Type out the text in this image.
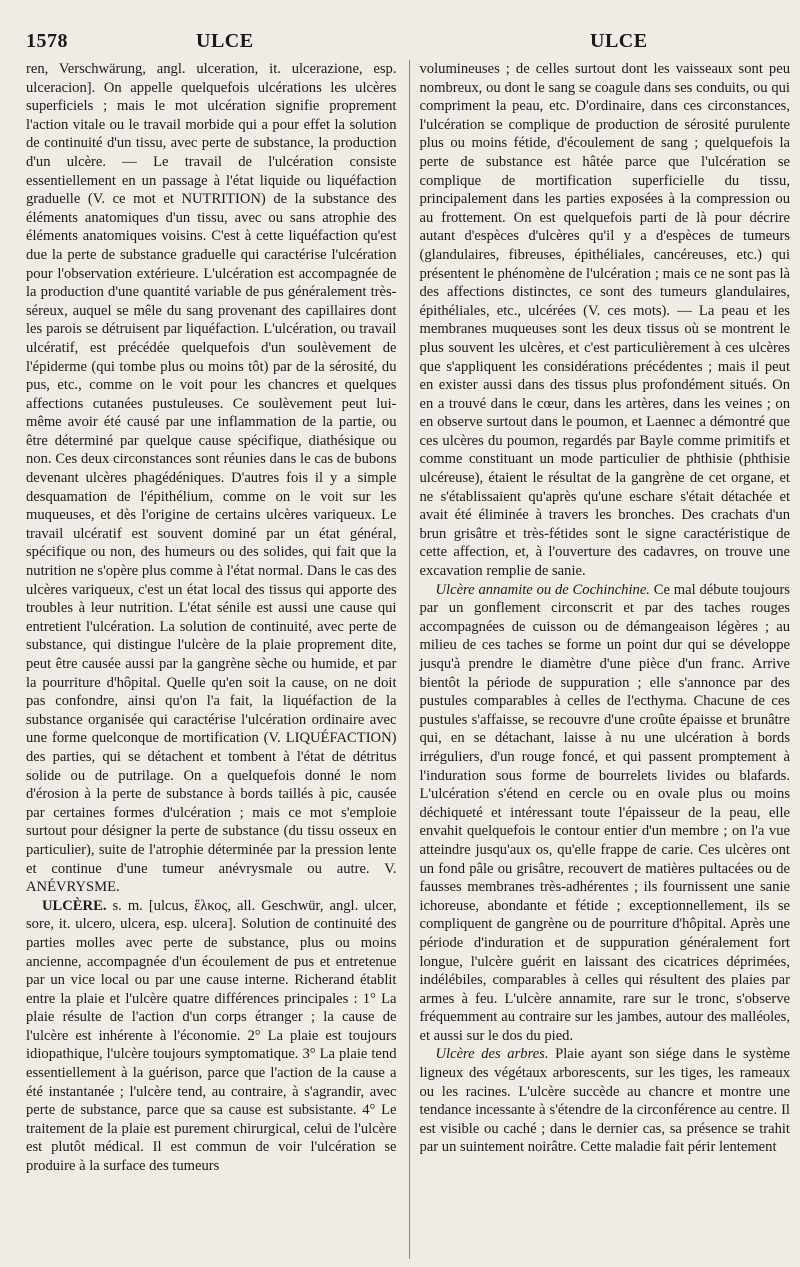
1578	ULCE	ULCE

ren, Verschwärung, angl. ulceration, it. ulcerazione, esp. ulceracion]. On appelle quelquefois ulcérations les ulcères superficiels ; mais le mot ulcération signifie proprement l'action vitale ou le travail morbide qui a pour effet la solution de continuité d'un tissu, avec perte de substance, la production d'un ulcère. — Le travail de l'ulcération consiste essentiellement en un passage à l'état liquide ou liquéfaction graduelle (V. ce mot et NUTRITION) de la substance des éléments anatomiques d'un tissu, avec ou sans atrophie des éléments anatomiques voisins. C'est à cette liquéfaction qu'est due la perte de substance graduelle qui caractérise l'ulcération pour l'observation extérieure. L'ulcération est accompagnée de la production d'une quantité variable de pus généralement très-séreux, auquel se mêle du sang provenant des capillaires dont les parois se détruisent par liquéfaction. L'ulcération, ou travail ulcératif, est précédée quelquefois d'un soulèvement de l'épiderme (qui tombe plus ou moins tôt) par de la sérosité, du pus, etc., comme on le voit pour les chancres et quelques affections cutanées pustuleuses. Ce soulèvement peut lui-même avoir été causé par une inflammation de la partie, ou être déterminé par quelque cause spécifique, diathésique ou non. Ces deux circonstances sont réunies dans le cas de bubons devenant ulcères phagédéniques. D'autres fois il y a simple desquamation de l'épithélium, comme on le voit sur les muqueuses, et dès l'origine de certains ulcères variqueux. Le travail ulcératif est souvent dominé par un état général, spécifique ou non, des humeurs ou des solides, qui fait que la nutrition ne s'opère plus comme à l'état normal. Dans le cas des ulcères variqueux, c'est un état local des tissus qui apporte des troubles à leur nutrition. L'état sénile est aussi une cause qui entretient l'ulcération. La solution de continuité, avec perte de substance, qui distingue l'ulcère de la plaie proprement dite, peut être causée aussi par la gangrène sèche ou humide, et par la pourriture d'hôpital. Quelle qu'en soit la cause, on ne doit pas confondre, ainsi qu'on l'a fait, la liquéfaction de la substance organisée qui caractérise l'ulcération ordinaire avec une forme quelconque de mortification (V. LIQUÉFACTION) des parties, qui se détachent et tombent à l'état de détritus solide ou de putrilage. On a quelquefois donné le nom d'érosion à la perte de substance à bords taillés à pic, causée par certaines formes d'ulcération ; mais ce mot s'emploie surtout pour désigner la perte de substance (du tissu osseux en particulier), suite de l'atrophie déterminée par la pression lente et continue d'une tumeur anévrysmale ou autre. V. ANÉVRYSME.

ULCÈRE. s. m. [ulcus, ἕλκος, all. Geschwür, angl. ulcer, sore, it. ulcero, ulcera, esp. ulcera]. Solution de continuité des parties molles avec perte de substance, plus ou moins ancienne, accompagnée d'un écoulement de pus et entretenue par un vice local ou par une cause interne. Richerand établit entre la plaie et l'ulcère quatre différences principales : 1° La plaie résulte de l'action d'un corps étranger ; la cause de l'ulcère est inhérente à l'économie. 2° La plaie est toujours idiopathique, l'ulcère toujours symptomatique. 3° La plaie tend essentiellement à la guérison, parce que l'action de la cause a été instantanée ; l'ulcère tend, au contraire, à s'agrandir, avec perte de substance, parce que sa cause est subsistante. 4° Le traitement de la plaie est purement chirurgical, celui de l'ulcère est plutôt médical. Il est commun de voir l'ulcération se produire à la surface des tumeurs

volumineuses ; de celles surtout dont les vaisseaux sont peu nombreux, ou dont le sang se coagule dans ses conduits, ou qui compriment la peau, etc. D'ordinaire, dans ces circonstances, l'ulcération se complique de production de sérosité purulente plus ou moins fétide, d'écoulement de sang ; quelquefois la perte de substance est hâtée parce que l'ulcération se complique de mortification superficielle du tissu, principalement dans les parties exposées à la compression ou au frottement. On est quelquefois parti de là pour décrire autant d'espèces d'ulcères qu'il y a d'espèces de tumeurs (glandulaires, fibreuses, épithéliales, cancéreuses, etc.) qui présentent le phénomène de l'ulcération ; mais ce ne sont pas là des affections distinctes, ce sont des tumeurs glandulaires, épithéliales, etc., ulcérées (V. ces mots). — La peau et les membranes muqueuses sont les deux tissus où se montrent le plus souvent les ulcères, et c'est particulièrement à ces ulcères que s'appliquent les considérations précédentes ; mais il peut en exister aussi dans des tissus plus profondément situés. On en a trouvé dans le cœur, dans les artères, dans les veines ; on en observe surtout dans le poumon, et Laennec a démontré que ces ulcères du poumon, regardés par Bayle comme primitifs et comme constituant un mode particulier de phthisie (phthisie ulcéreuse), étaient le résultat de la gangrène de cet organe, et ne s'établissaient qu'après qu'une eschare s'était détachée et avait été éliminée à travers les bronches. Des crachats d'un brun grisâtre et très-fétides sont le signe caractéristique de cette affection, et, à l'ouverture des cadavres, on trouve une excavation remplie de sanie.

Ulcère annamite ou de Cochinchine. Ce mal débute toujours par un gonflement circonscrit et par des taches rouges accompagnées de cuisson ou de démangeaison légères ; au milieu de ces taches se forme un point dur qui se développe jusqu'à prendre le diamètre d'une pièce d'un franc. Arrive bientôt la période de suppuration ; elle s'annonce par des pustules comparables à celles de l'ecthyma. Chacune de ces pustules s'affaisse, se recouvre d'une croûte épaisse et brunâtre qui, en se détachant, laisse à nu une ulcération à bords irréguliers, d'un rouge foncé, et qui passent promptement à l'induration sous forme de bourrelets livides ou blafards. L'ulcération s'étend en cercle ou en ovale plus ou moins déchiqueté et intéressant toute l'épaisseur de la peau, elle envahit quelquefois le contour entier d'un membre ; on l'a vue atteindre jusqu'aux os, qu'elle frappe de carie. Ces ulcères ont un fond pâle ou grisâtre, recouvert de matières pultacées ou de fausses membranes très-adhérentes ; ils fournissent une sanie ichoreuse, abondante et fétide ; exceptionnellement, ils se compliquent de gangrène ou de pourriture d'hôpital. Après une période d'induration et de suppuration généralement fort longue, l'ulcère guérit en laissant des cicatrices déprimées, indélébiles, comparables à celles qui résultent des plaies par armes à feu. L'ulcère annamite, rare sur le tronc, s'observe fréquemment au contraire sur les jambes, autour des malléoles, et aussi sur le dos du pied.

Ulcère des arbres. Plaie ayant son siége dans le système ligneux des végétaux arborescents, sur les tiges, les rameaux ou les racines. L'ulcère succède au chancre et montre une tendance incessante à s'étendre de la circonférence au centre. Il est visible ou caché ; dans le dernier cas, sa présence se trahit par un suintement noirâtre. Cette maladie fait périr lentement
